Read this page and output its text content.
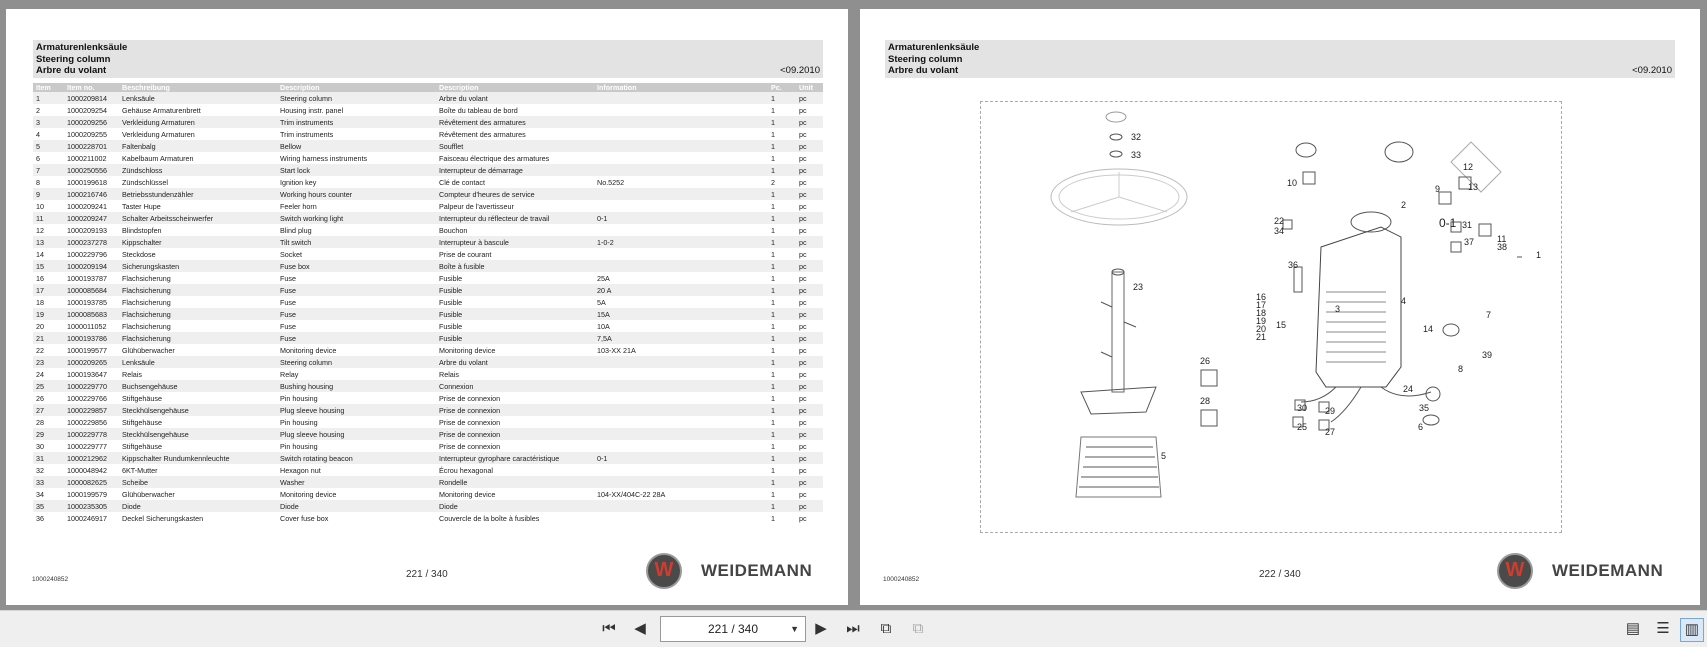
Armaturenlenksäule
Steering column
Arbre du volant	<09.2010
Item	Item no.	Beschreibung	Description	Description	Information	Pc.	Unit
1	1000209814	Lenksäule	Steering column	Arbre du volant		1	pc
2	1000209254	Gehäuse Armaturenbrett	Housing instr. panel	Boîte du tableau de bord		1	pc
3	1000209256	Verkleidung Armaturen	Trim instruments	Révêtement des armatures		1	pc
4	1000209255	Verkleidung Armaturen	Trim instruments	Révêtement des armatures		1	pc
5	1000228701	Faltenbalg	Bellow	Soufflet		1	pc
6	1000211002	Kabelbaum Armaturen	Wiring harness instruments	Faisceau électrique des armatures		1	pc
7	1000250556	Zündschloss	Start lock	Interrupteur de démarrage		1	pc
8	1000199618	Zündschlüssel	Ignition key	Clé de contact	No.5252	2	pc
9	1000216746	Betriebsstundenzähler	Working hours counter	Compteur d'heures de service		1	pc
10	1000209241	Taster Hupe	Feeler horn	Palpeur de l'avertisseur		1	pc
11	1000209247	Schalter Arbeitsscheinwerfer	Switch working light	Interrupteur du réflecteur de travail	0-1	1	pc
12	1000209193	Blindstopfen	Blind plug	Bouchon		1	pc
13	1000237278	Kippschalter	Tilt switch	Interrupteur à bascule	1-0-2	1	pc
14	1000229796	Steckdose	Socket	Prise de courant		1	pc
15	1000209194	Sicherungskasten	Fuse box	Boîte à fusible		1	pc
16	1000193787	Flachsicherung	Fuse	Fusible	25A	1	pc
17	1000085684	Flachsicherung	Fuse	Fusible	20 A	1	pc
18	1000193785	Flachsicherung	Fuse	Fusible	5A	1	pc
19	1000085683	Flachsicherung	Fuse	Fusible	15A	1	pc
20	1000011052	Flachsicherung	Fuse	Fusible	10A	1	pc
21	1000193786	Flachsicherung	Fuse	Fusible	7,5A	1	pc
22	1000199577	Glühüberwacher	Monitoring device	Monitoring device	103-XX 21A	1	pc
23	1000209265	Lenksäule	Steering column	Arbre du volant		1	pc
24	1000193647	Relais	Relay	Relais		1	pc
25	1000229770	Buchsengehäuse	Bushing housing	Connexion		1	pc
26	1000229766	Stiftgehäuse	Pin housing	Prise de connexion		1	pc
27	1000229857	Steckhülsengehäuse	Plug sleeve housing	Prise de connexion		1	pc
28	1000229856	Stiftgehäuse	Pin housing	Prise de connexion		1	pc
29	1000229778	Steckhülsengehäuse	Plug sleeve housing	Prise de connexion		1	pc
30	1000229777	Stiftgehäuse	Pin housing	Prise de connexion		1	pc
31	1000212962	Kippschalter Rundumkennleuchte	Switch rotating beacon	Interrupteur gyrophare caractéristique	0-1	1	pc
32	1000048942	6KT-Mutter	Hexagon nut	Écrou hexagonal		1	pc
33	1000082625	Scheibe	Washer	Rondelle		1	pc
34	1000199579	Glühüberwacher	Monitoring device	Monitoring device	104-XX/404C-22 28A	1	pc
35	1000235305	Diode	Diode	Diode		1	pc
36	1000246917	Deckel Sicherungskasten	Cover fuse box	Couvercle de la boîte à fusibles		1	pc
1000240852	221 / 340	W	WEIDEMANN
Armaturenlenksäule
Steering column
Arbre du volant	<09.2010
32
33
23
5
10
12
13
9
2
0-1
22
34
36
31
37	11
38
1
16
17
18
19
20
21
15
3
4
14
7
39
8
24
35
6
30 29
25 27
26
28
1000240852	222 / 340	W	WEIDEMANN
⏮	◀	221 / 340	▼	▶	⏭	⧉	⧉	▤ ☰	▥
